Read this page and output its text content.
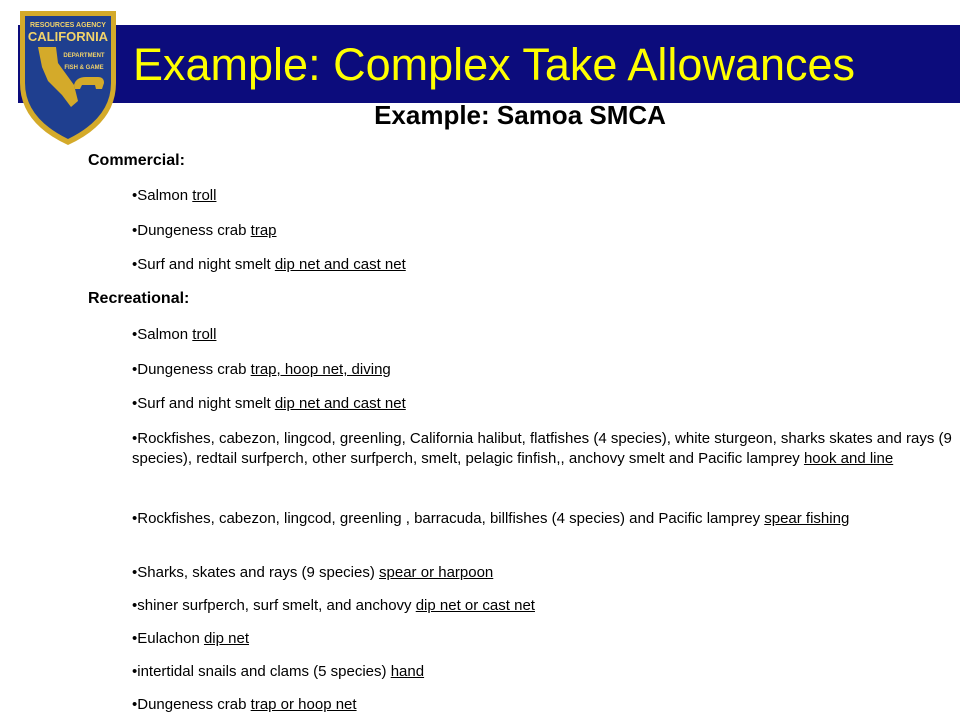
Example: Complex Take Allowances
RESOURCES AGENCY
CALIFORNIA
DEPARTMENT
FISH & GAME
Example: Samoa SMCA
Commercial:
•Salmon troll
•Dungeness crab trap
•Surf and night smelt dip net and cast net
Recreational:
•Salmon troll
•Dungeness crab trap, hoop net, diving
•Surf and night smelt dip net and cast net
•Rockfishes, cabezon, lingcod, greenling, California halibut, flatfishes (4 species), white sturgeon, sharks skates and rays (9 species), redtail surfperch, other surfperch, smelt, pelagic finfish,, anchovy smelt and Pacific lamprey hook and line
•Rockfishes, cabezon, lingcod, greenling , barracuda, billfishes (4 species) and Pacific lamprey spear fishing
•Sharks, skates and rays (9 species) spear or harpoon
•shiner surfperch, surf smelt, and anchovy dip net or cast net
•Eulachon dip net
•intertidal snails and clams (5 species) hand
•Dungeness crab trap or hoop net
